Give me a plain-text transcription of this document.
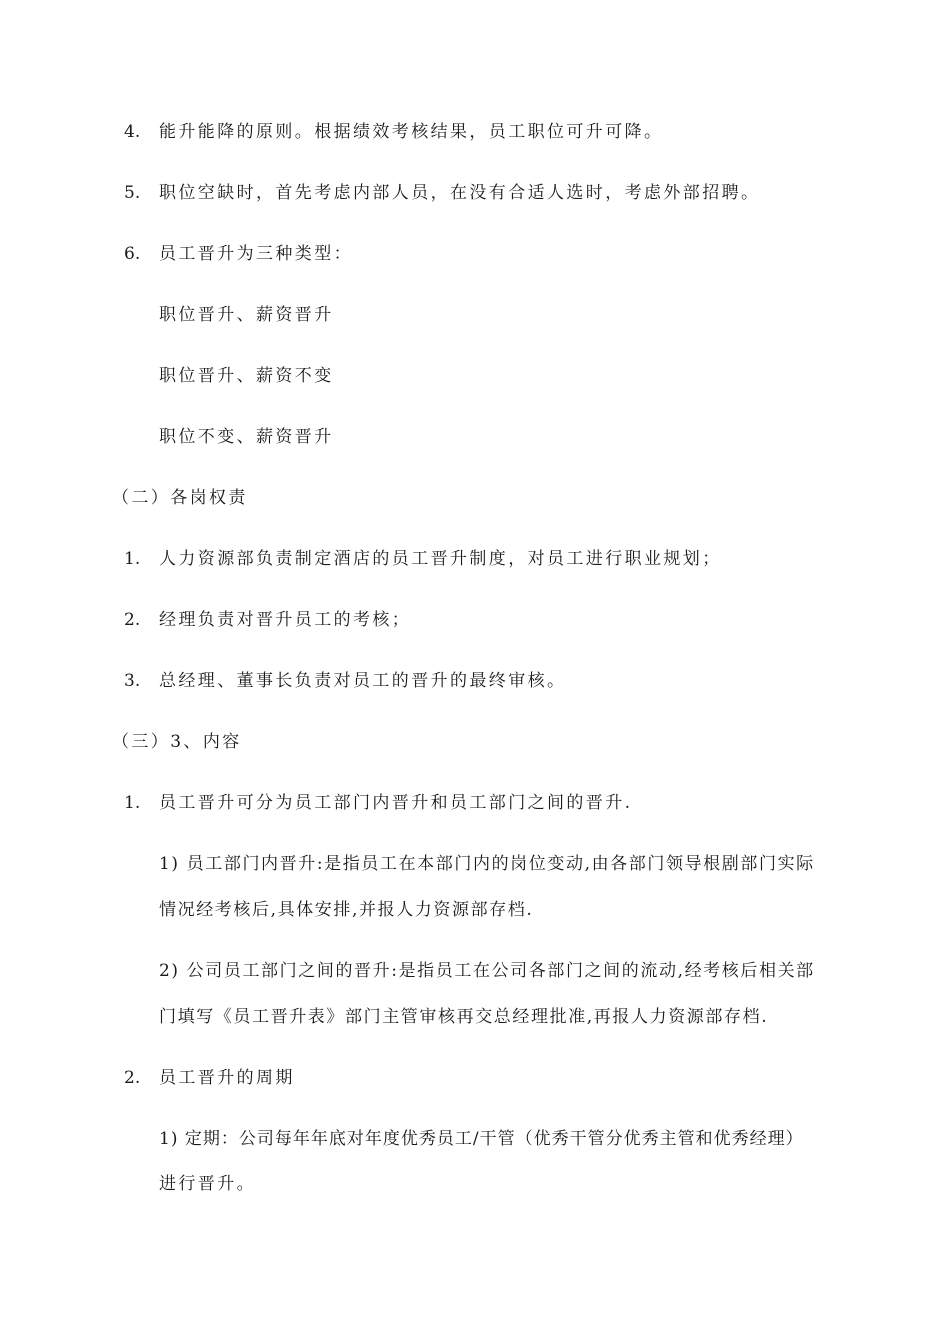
4. 能升能降的原则。根据绩效考核结果，员工职位可升可降。
5. 职位空缺时，首先考虑内部人员，在没有合适人选时，考虑外部招聘。
6. 员工晋升为三种类型：
职位晋升、薪资晋升
职位晋升、薪资不变
职位不变、薪资晋升
（二）各岗权责
1. 人力资源部负责制定酒店的员工晋升制度，对员工进行职业规划；
2. 经理负责对晋升员工的考核；
3. 总经理、董事长负责对员工的晋升的最终审核。
（三）3、内容
1. 员工晋升可分为员工部门内晋升和员工部门之间的晋升.
1) 员工部门内晋升:是指员工在本部门内的岗位变动,由各部门领导根剧部门实际
情况经考核后,具体安排,并报人力资源部存档.
2) 公司员工部门之间的晋升:是指员工在公司各部门之间的流动,经考核后相关部
门填写《员工晋升表》部门主管审核再交总经理批准,再报人力资源部存档.
2. 员工晋升的周期
1) 定期：公司每年年底对年度优秀员工/干管（优秀干管分优秀主管和优秀经理）
进行晋升。
